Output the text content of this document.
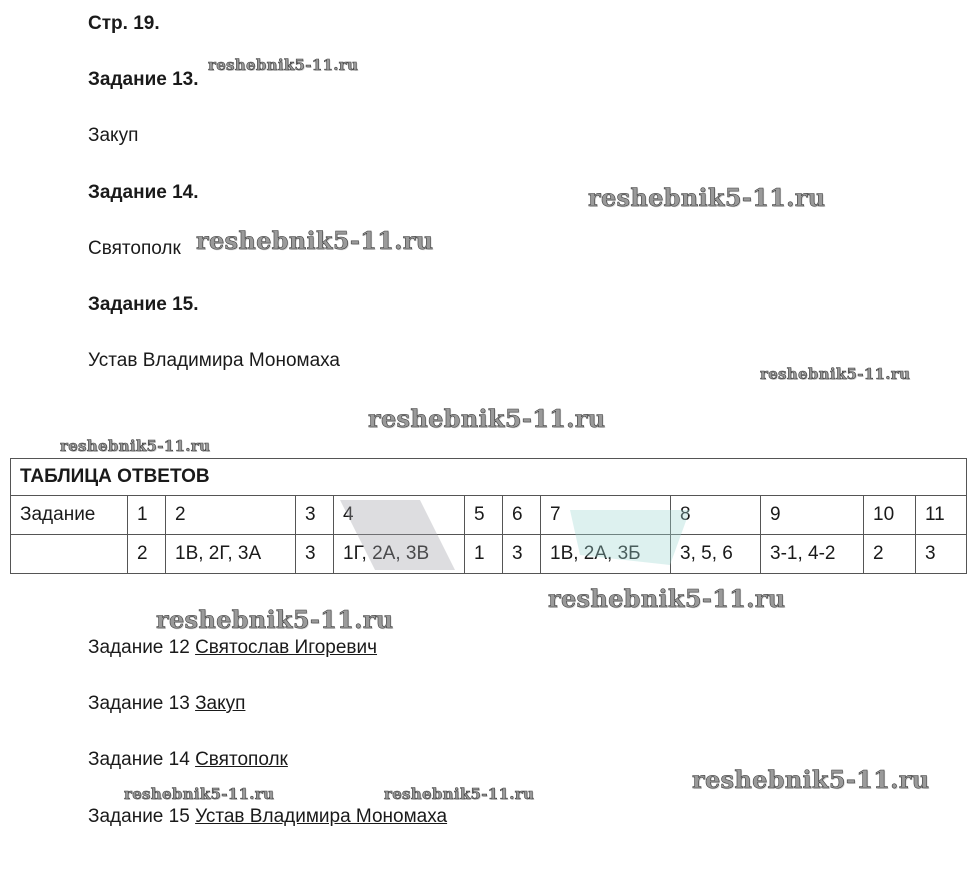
Стр. 19.
Задание 13.
Закуп
Задание 14.
Святополк
Задание 15.
Устав Владимира Мономаха
ТАБЛИЦА ОТВЕТОВ											
Задание	1	2	3	4	5	6	7	8	9	10	11
	2	1В, 2Г, 3А	3	1Г, 2А, 3В	1	3	1В, 2А, 3Б	3, 5, 6	3-1, 4-2	2	3
Задание 12 Святослав Игоревич
Задание 13 Закуп
Задание 14 Святополк
Задание 15 Устав Владимира Мономаха
reshebnik5-11.ru
reshebnik5-11.ru
reshebnik5-11.ru
reshebnik5-11.ru
reshebnik5-11.ru
reshebnik5-11.ru
reshebnik5-11.ru
reshebnik5-11.ru
reshebnik5-11.ru
reshebnik5-11.ru	reshebnik5-11.ru
